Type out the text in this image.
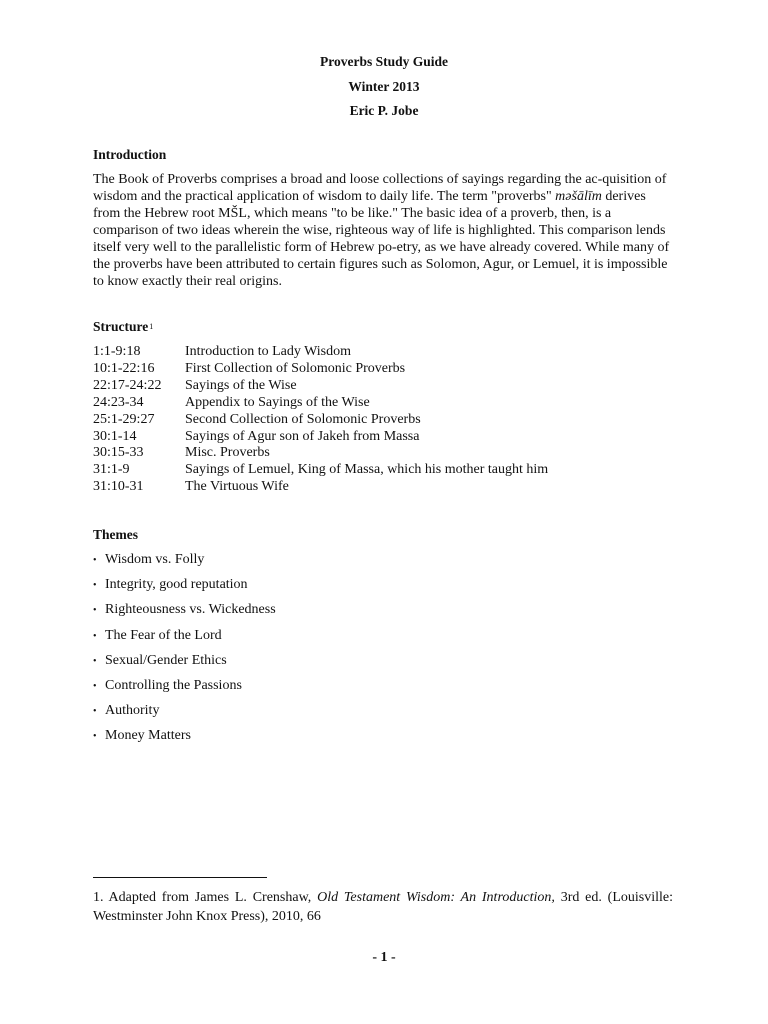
Proverbs Study Guide
Winter 2013
Eric P. Jobe
Introduction

The Book of Proverbs comprises a broad and loose collections of sayings regarding the ac-quisition of wisdom and the practical application of wisdom to daily life. The term "proverbs" məšālīm derives from the Hebrew root MŠL, which means "to be like." The basic idea of a proverb, then, is a comparison of two ideas wherein the wise, righteous way of life is highlighted. This comparison lends itself very well to the parallelistic form of Hebrew po-etry, as we have already covered. While many of the proverbs have been attributed to certain figures such as Solomon, Agur, or Lemuel, it is impossible to know exactly their real origins.

Structure$^1$
1:1-9:18	Introduction to Lady Wisdom
10:1-22:16 First Collection of Solomonic Proverbs
22:17-24:22 Sayings of the Wise
24:23-34	Appendix to Sayings of the Wise
25:1-29:27 Second Collection of Solomonic Proverbs
30:1-14	Sayings of Agur son of Jakeh from Massa
30:15-33	Misc. Proverbs
31:1-9	Sayings of Lemuel, King of Massa, which his mother taught him
31:10-31	The Virtuous Wife
Themes
• Wisdom vs. Folly
• Integrity, good reputation
• Righteousness vs. Wickedness
• The Fear of the Lord
• Sexual/Gender Ethics
• Controlling the Passions
• Authority
• Money Matters
1. Adapted from James L. Crenshaw, Old Testament Wisdom: An Introduction, 3rd ed. (Louisville: Westminster John Knox Press), 2010, 66
- 1 -
